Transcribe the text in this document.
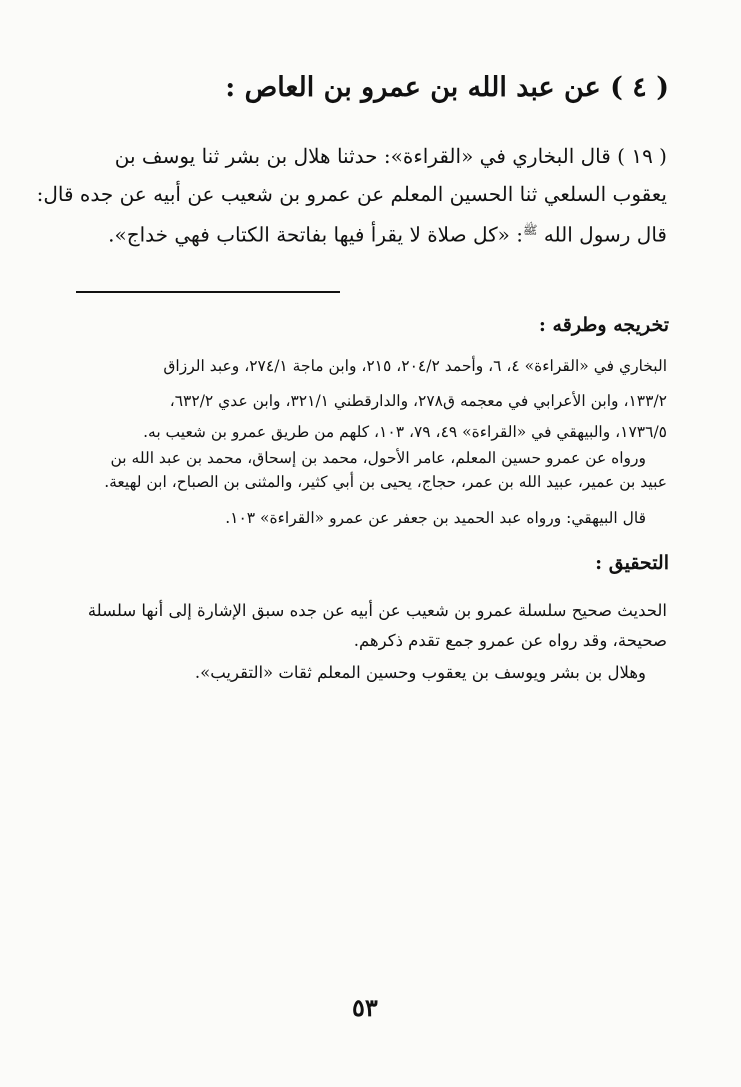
( ٤ ) عن عبد الله بن عمرو بن العاص :
( ١٩ ) قال البخاري في «القراءة»: حدثنا هلال بن بشر ثنا يوسف بن
يعقوب السلعي ثنا الحسين المعلم عن عمرو بن شعيب عن أبيه عن جده قال:
قال رسول الله $^ﷺ$: «كل صلاة لا يقرأ فيها بفاتحة الكتاب فهي خداج».
تخريجه وطرقه :
البخاري في «القراءة» ٤، ٦، وأحمد ٢٠٤/٢، ٢١٥، وابن ماجة ٢٧٤/١، وعبد الرزاق
١٣٣/٢، وابن الأعرابي في معجمه ق٢٧٨، والدارقطني ٣٢١/١، وابن عدي ٦٣٢/٢،
١٧٣٦/٥، والبيهقي في «القراءة» ٤٩، ٧٩، ١٠٣، كلهم من طريق عمرو بن شعيب به.
ورواه عن عمرو حسين المعلم، عامر الأحول، محمد بن إسحاق، محمد بن عبد الله بن
عبيد بن عمير، عبيد الله بن عمر، حجاج، يحيى بن أبي كثير، والمثنى بن الصباح، ابن لهيعة.
قال البيهقي: ورواه عبد الحميد بن جعفر عن عمرو «القراءة» ١٠٣.
التحقيق :
الحديث صحيح سلسلة عمرو بن شعيب عن أبيه عن جده سبق الإشارة إلى أنها سلسلة
صحيحة، وقد رواه عن عمرو جمع تقدم ذكرهم.
وهلال بن بشر ويوسف بن يعقوب وحسين المعلم ثقات «التقريب».
٥٣
